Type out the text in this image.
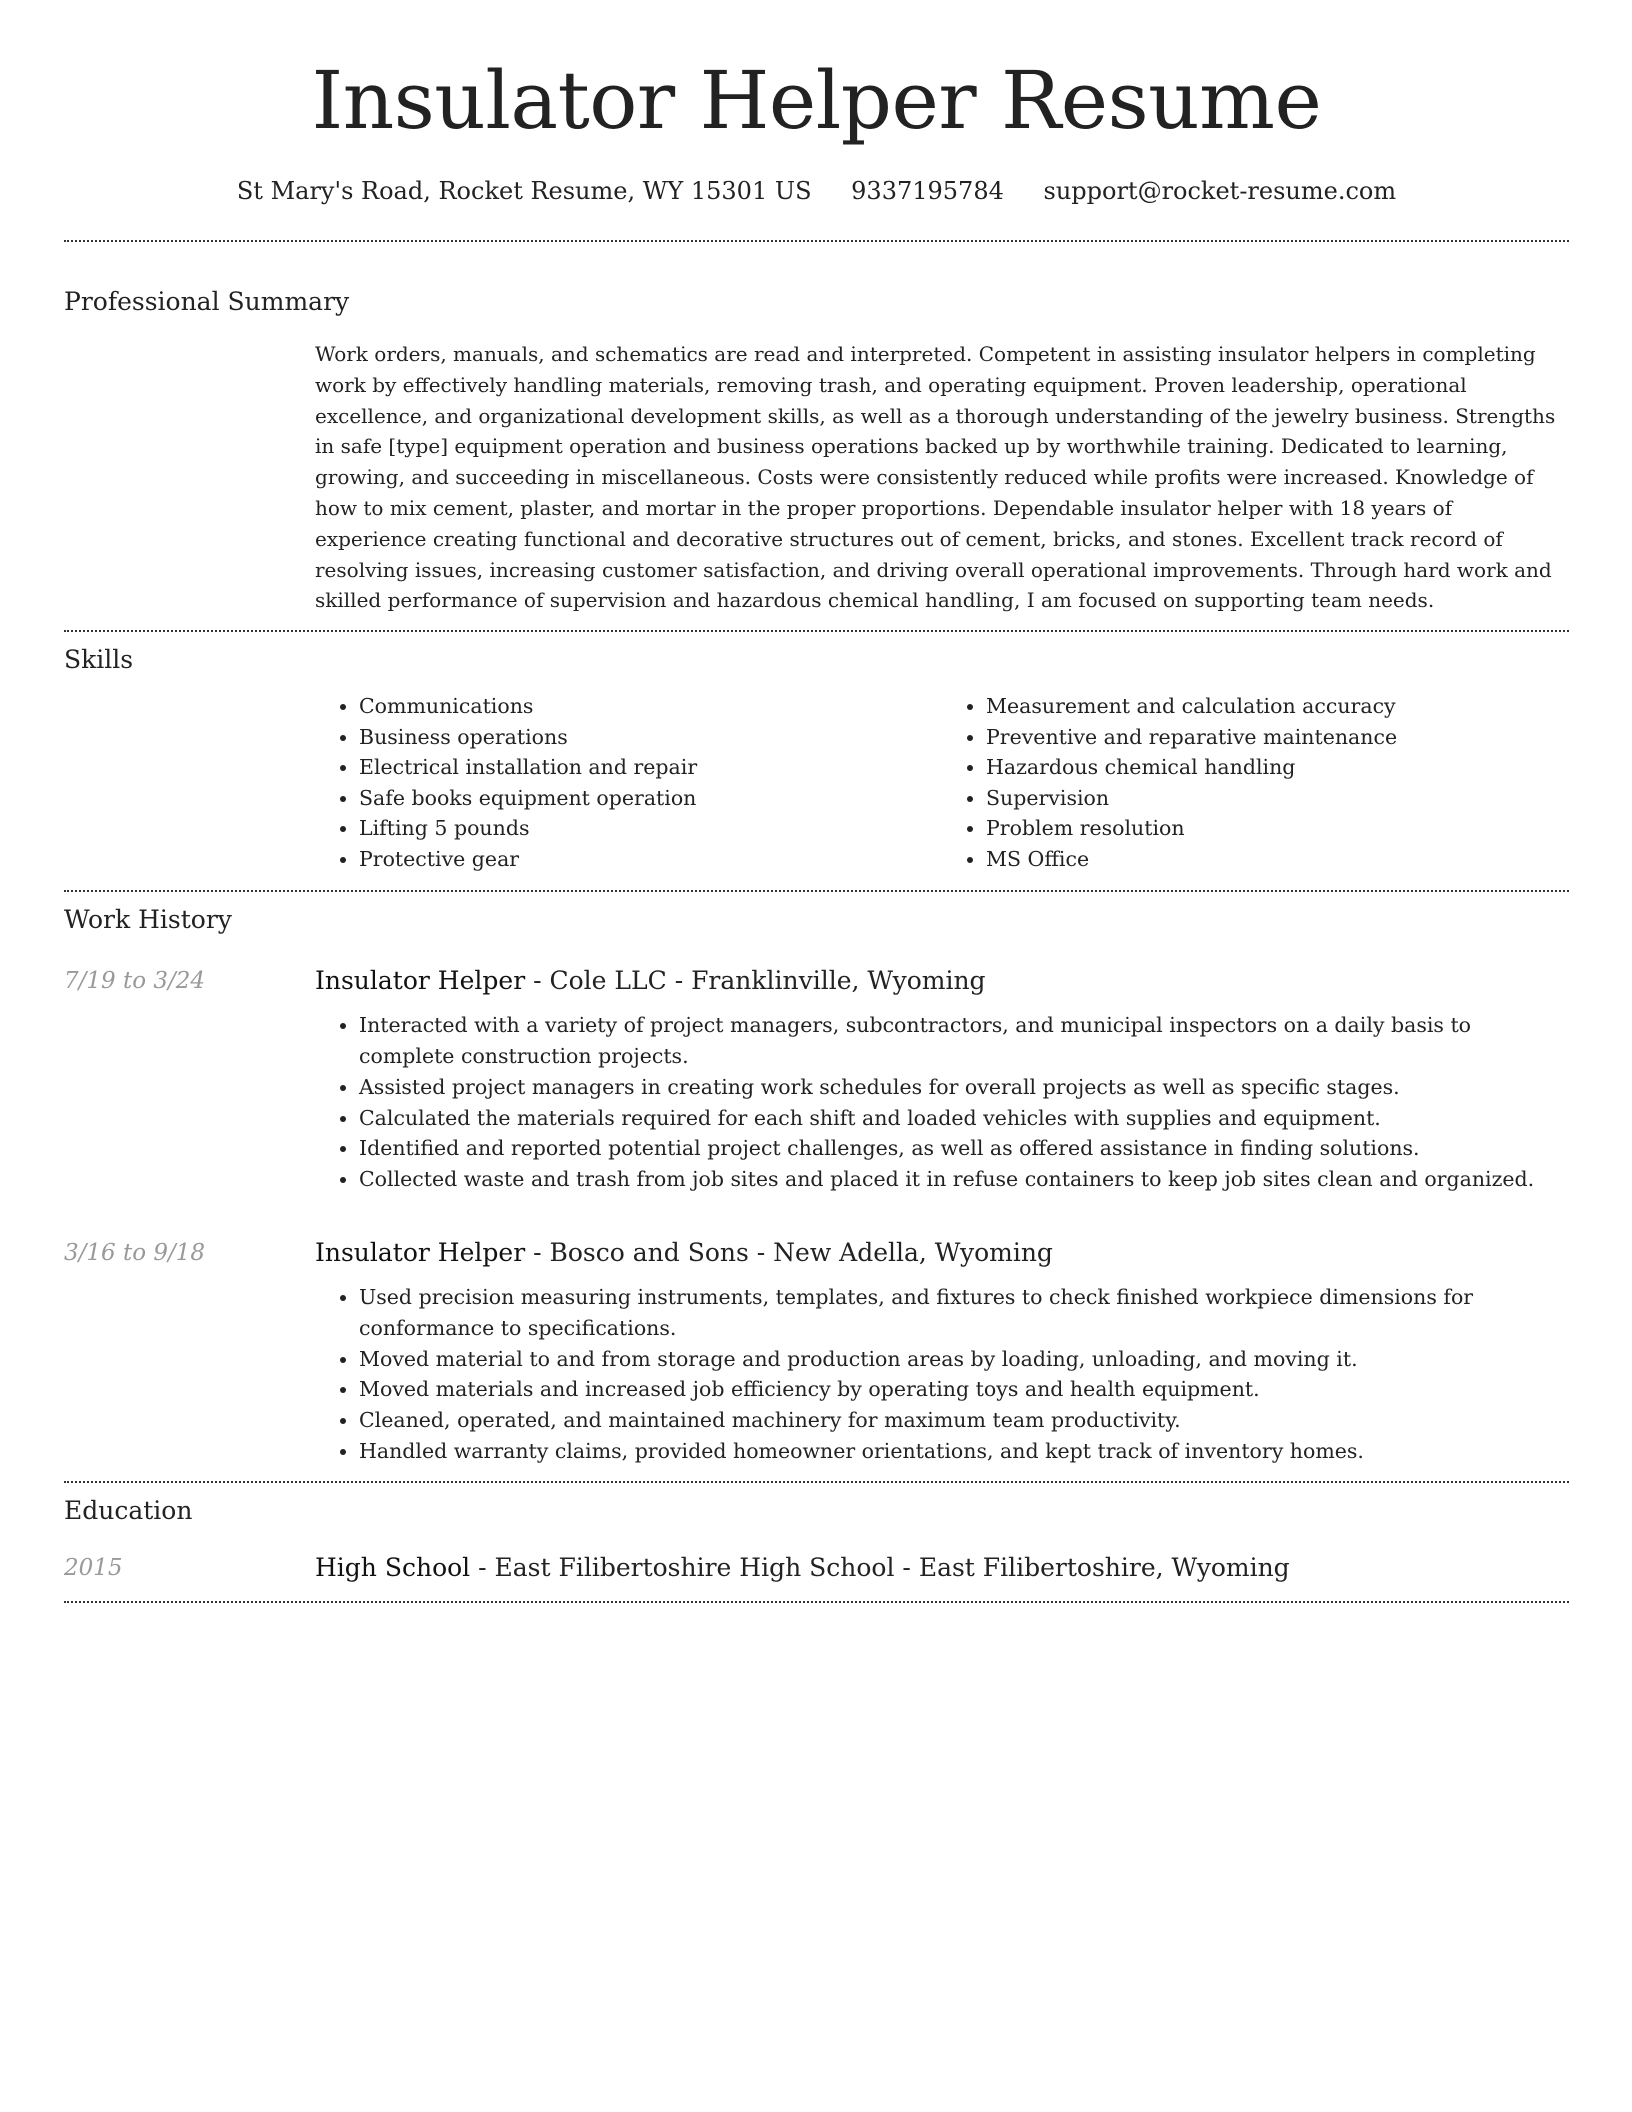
Insulator Helper Resume
St Mary's Road, Rocket Resume, WY 15301 US 9337195784 support@rocket-resume.com
Professional Summary

Work orders, manuals, and schematics are read and interpreted. Competent in assisting insulator helpers in completing work by effectively handling materials, removing trash, and operating equipment. Proven leadership, operational excellence, and organizational development skills, as well as a thorough understanding of the jewelry business. Strengths in safe [type] equipment operation and business operations backed up by worthwhile training. Dedicated to learning, growing, and succeeding in miscellaneous. Costs were consistently reduced while profits were increased. Knowledge of how to mix cement, plaster, and mortar in the proper proportions. Dependable insulator helper with 18 years of experience creating functional and decorative structures out of cement, bricks, and stones. Excellent track record of resolving issues, increasing customer satisfaction, and driving overall operational improvements. Through hard work and skilled performance of supervision and hazardous chemical handling, I am focused on supporting team needs.

Skills
• Communications
• Business operations
• Electrical installation and repair
• Safe books equipment operation
• Lifting 5 pounds
• Protective gear
• Measurement and calculation accuracy
• Preventive and reparative maintenance
• Hazardous chemical handling
• Supervision
• Problem resolution
• MS Office
Work History
7/19 to 3/24	Insulator Helper - Cole LLC - Franklinville, Wyoming
• Interacted with a variety of project managers, subcontractors, and municipal inspectors on a daily basis to complete construction projects.
• Assisted project managers in creating work schedules for overall projects as well as specific stages.
• Calculated the materials required for each shift and loaded vehicles with supplies and equipment.
• Identified and reported potential project challenges, as well as offered assistance in finding solutions.
• Collected waste and trash from job sites and placed it in refuse containers to keep job sites clean and organized.
3/16 to 9/18	Insulator Helper - Bosco and Sons - New Adella, Wyoming
• Used precision measuring instruments, templates, and fixtures to check finished workpiece dimensions for conformance to specifications.
• Moved material to and from storage and production areas by loading, unloading, and moving it.
• Moved materials and increased job efficiency by operating toys and health equipment.
• Cleaned, operated, and maintained machinery for maximum team productivity.
• Handled warranty claims, provided homeowner orientations, and kept track of inventory homes.
Education
2015	High School - East Filibertoshire High School - East Filibertoshire, Wyoming
